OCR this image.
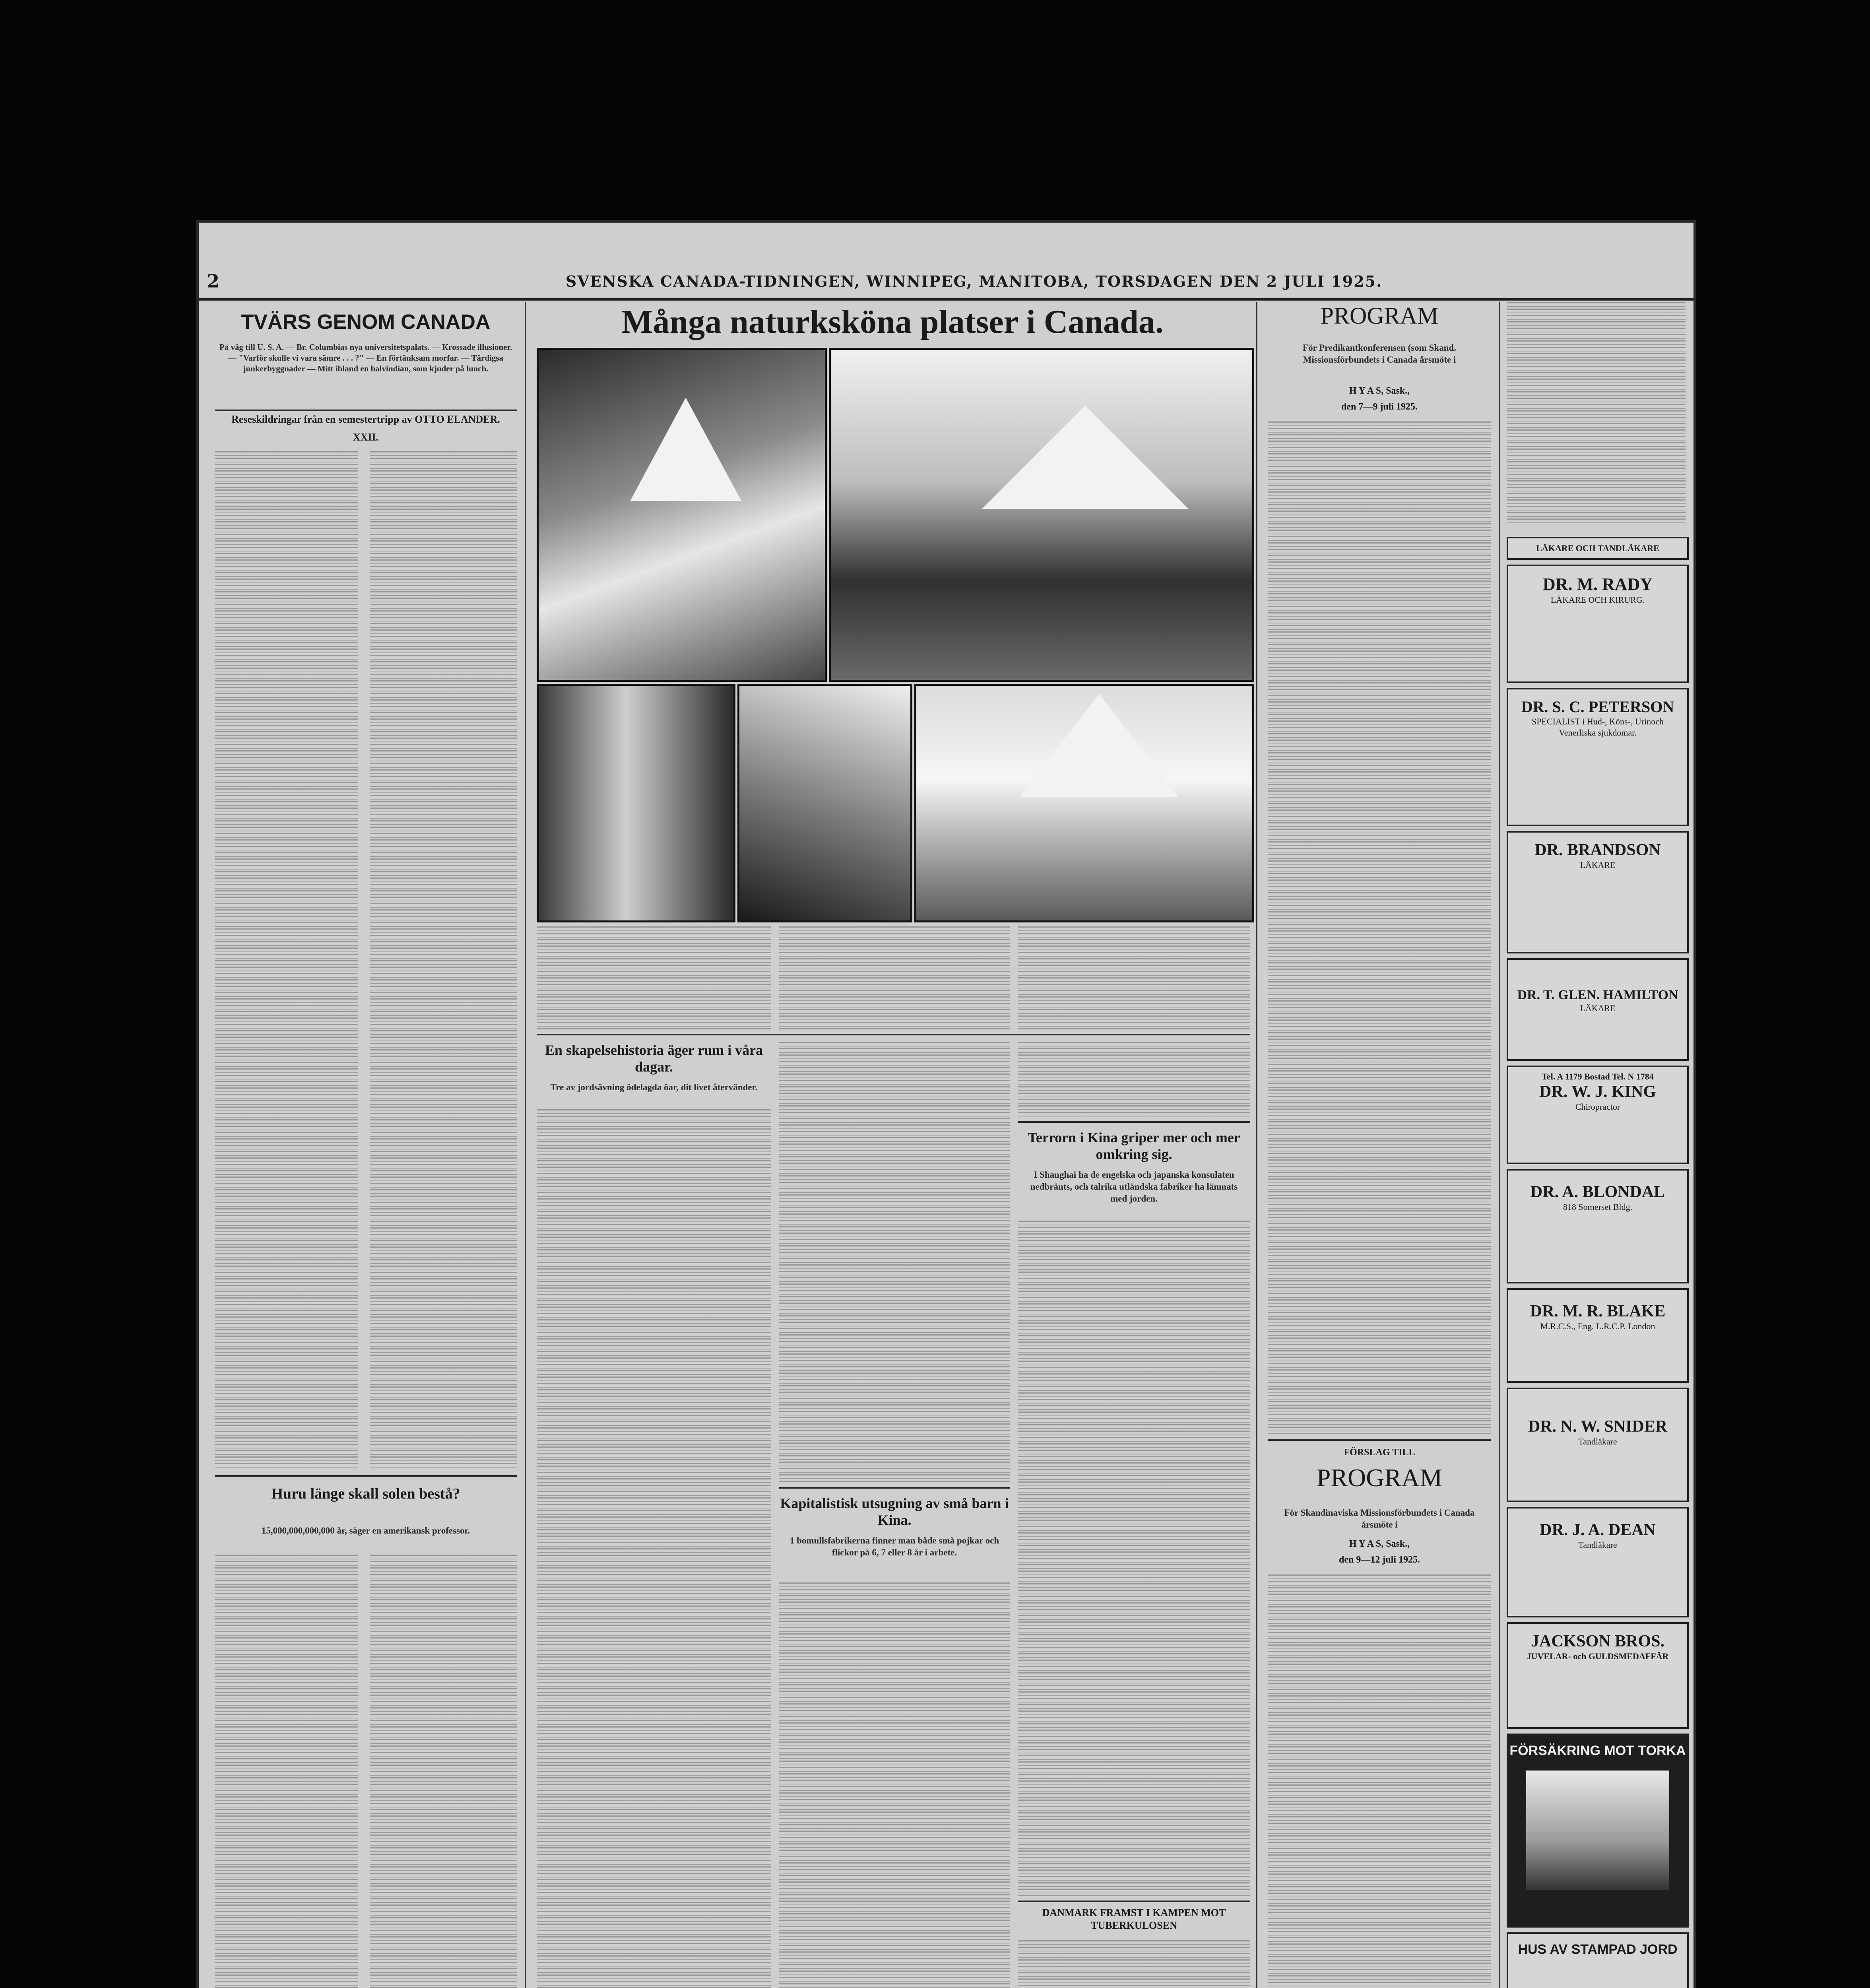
2	SVENSKA CANADA-TIDNINGEN, WINNIPEG, MANITOBA, TORSDAGEN DEN 2 JULI 1925.
TVÄRS GENOM CANADA
På väg till U. S. A. — Br. Columbias nya universitetspalats. — Krossade illusioner. — "Varför skulle vi vara sämre . . . ?" — En förtänksam morfar. — Tärdigsa junkerbyggnader — Mitt ibland en halvindian, som kjuder på lunch.
Reseskildringar från en semestertripp av OTTO ELANDER.
XXII.
Huru länge skall solen bestå?
15,000,000,000,000 år, säger en amerikansk professor.
Många naturksköna platser i Canada.
En skapelsehistoria äger rum i våra dagar.
Tre av jordsävning ödelagda öar, dit livet återvänder.
Kapitalistisk utsugning av små barn i Kina.
1 bomullsfabrikerna finner man både små pojkar och flickor på 6, 7 eller 8 år i arbete.
Terrorn i Kina griper mer och mer omkring sig.
I Shanghai ha de engelska och japanska konsulaten nedbränts, och talrika utländska fabriker ha lämnats med jorden.
DANMARK FRAMST I KAMPEN MOT TUBERKULOSEN
PROGRAM
För Predikantkonferensen (som Skand. Missionsförbundets i Canada årsmöte i
H Y A S, Sask.,
den 7—9 juli 1925.
FÖRSLAG TILL
PROGRAM
För Skandinaviska Missionsförbundets i Canada årsmöte i
H Y A S, Sask.,
den 9—12 juli 1925.
LÄKARE OCH TANDLÄKARE
DR. M. RADY
LÄKARE OCH KIRURG.
DR. S. C. PETERSON
SPECIALIST i Hud-, Köns-, Urinoch Venerliska sjukdomar.
DR. BRANDSON
LÄKARE
DR. T. GLEN. HAMILTON
LÄKARE
Tel. A 1179 Bostad Tel. N 1784
DR. W. J. KING
Chiropractor
DR. A. BLONDAL
818 Somerset Bldg.
DR. M. R. BLAKE
M.R.C.S., Eng. L.R.C.P. London
DR. N. W. SNIDER
Tandläkare
DR. J. A. DEAN
Tandläkare
JACKSON BROS.
JUVELAR- och GULDSMEDAFFÄR
FÖRSÄKRING MOT TORKA
HUS AV STAMPAD JORD
